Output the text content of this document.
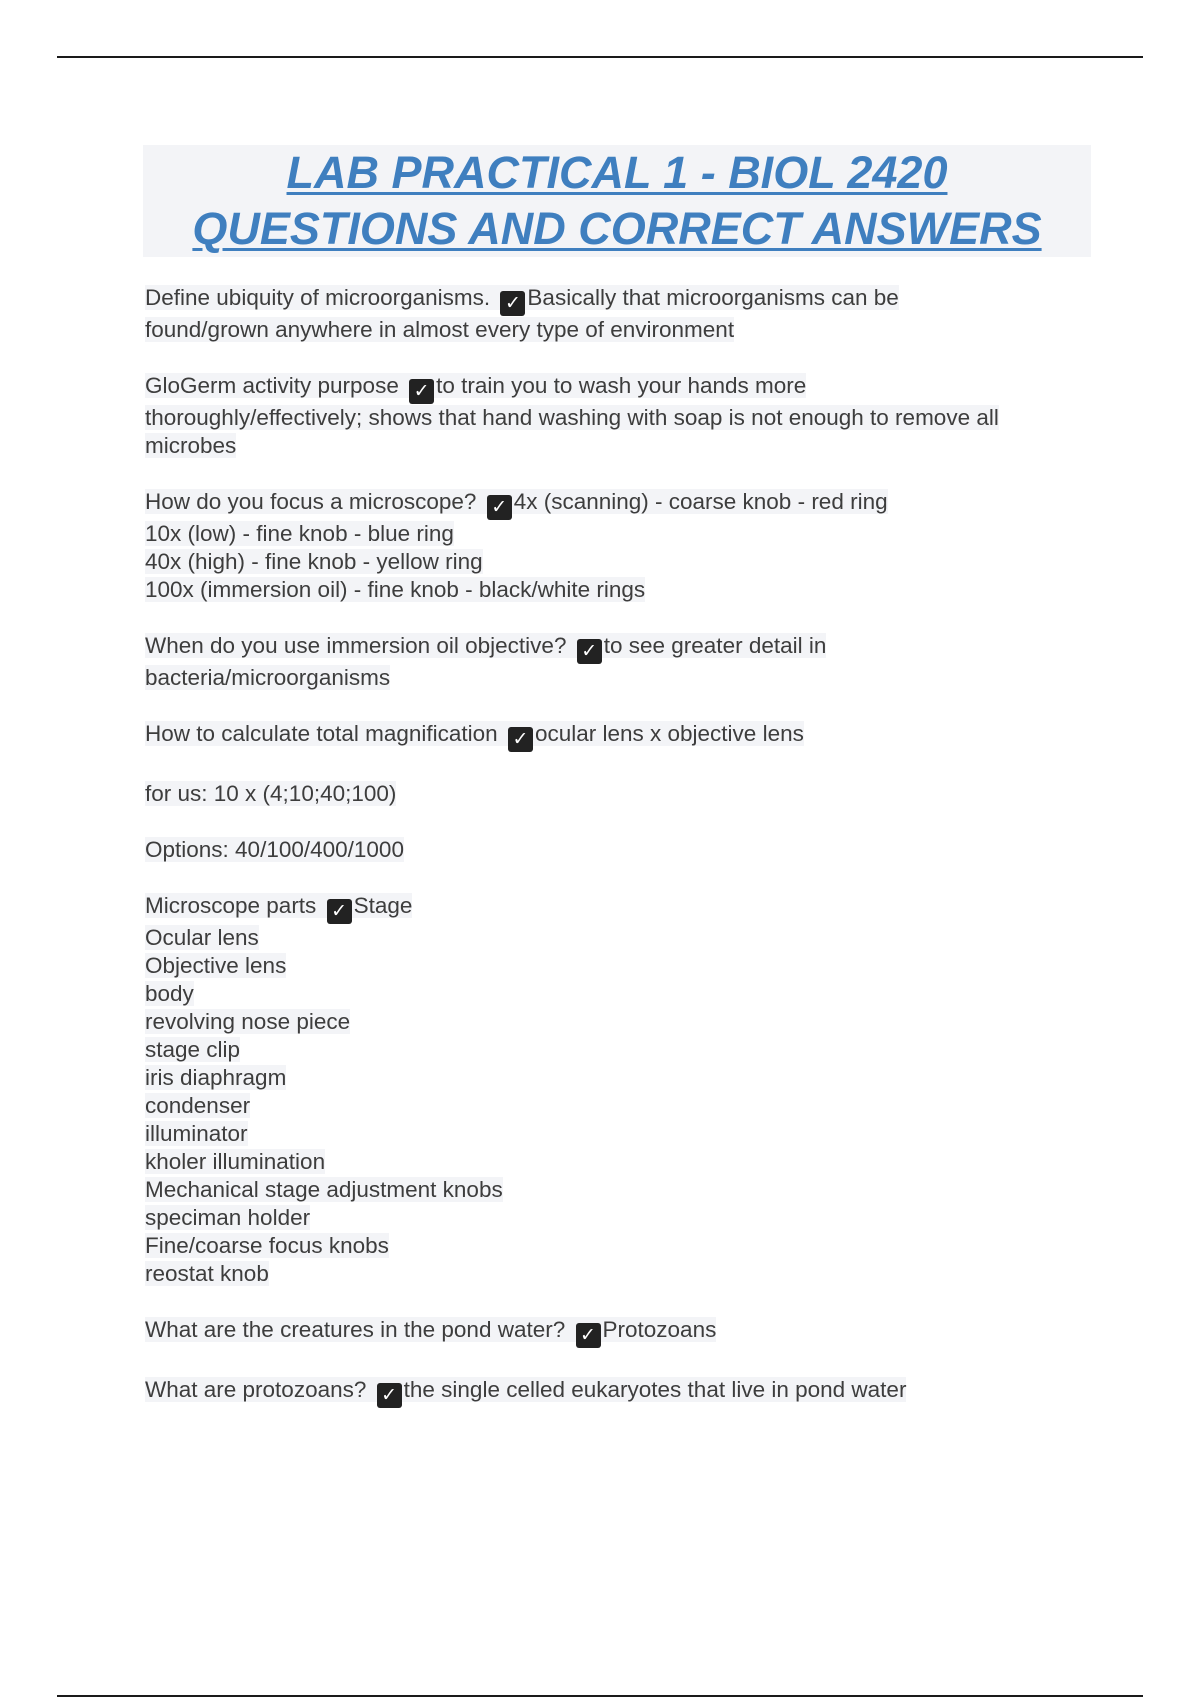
LAB PRACTICAL 1 - BIOL 2420
QUESTIONS AND CORRECT ANSWERS
Define ubiquity of microorganisms. ✓ Basically that microorganisms can be
found/grown anywhere in almost every type of environment
GloGerm activity purpose ✓ to train you to wash your hands more
thoroughly/effectively; shows that hand washing with soap is not enough to remove all
microbes
How do you focus a microscope? ✓ 4x (scanning) - coarse knob - red ring
10x (low) - fine knob - blue ring
40x (high) - fine knob - yellow ring
100x (immersion oil) - fine knob - black/white rings
When do you use immersion oil objective? ✓ to see greater detail in
bacteria/microorganisms
How to calculate total magnification ✓ ocular lens x objective lens
for us: 10 x (4;10;40;100)
Options: 40/100/400/1000
Microscope parts ✓ Stage
Ocular lens
Objective lens
body
revolving nose piece
stage clip
iris diaphragm
condenser
illuminator
kholer illumination
Mechanical stage adjustment knobs
speciman holder
Fine/coarse focus knobs
reostat knob
What are the creatures in the pond water? ✓ Protozoans
What are protozoans? ✓ the single celled eukaryotes that live in pond water
